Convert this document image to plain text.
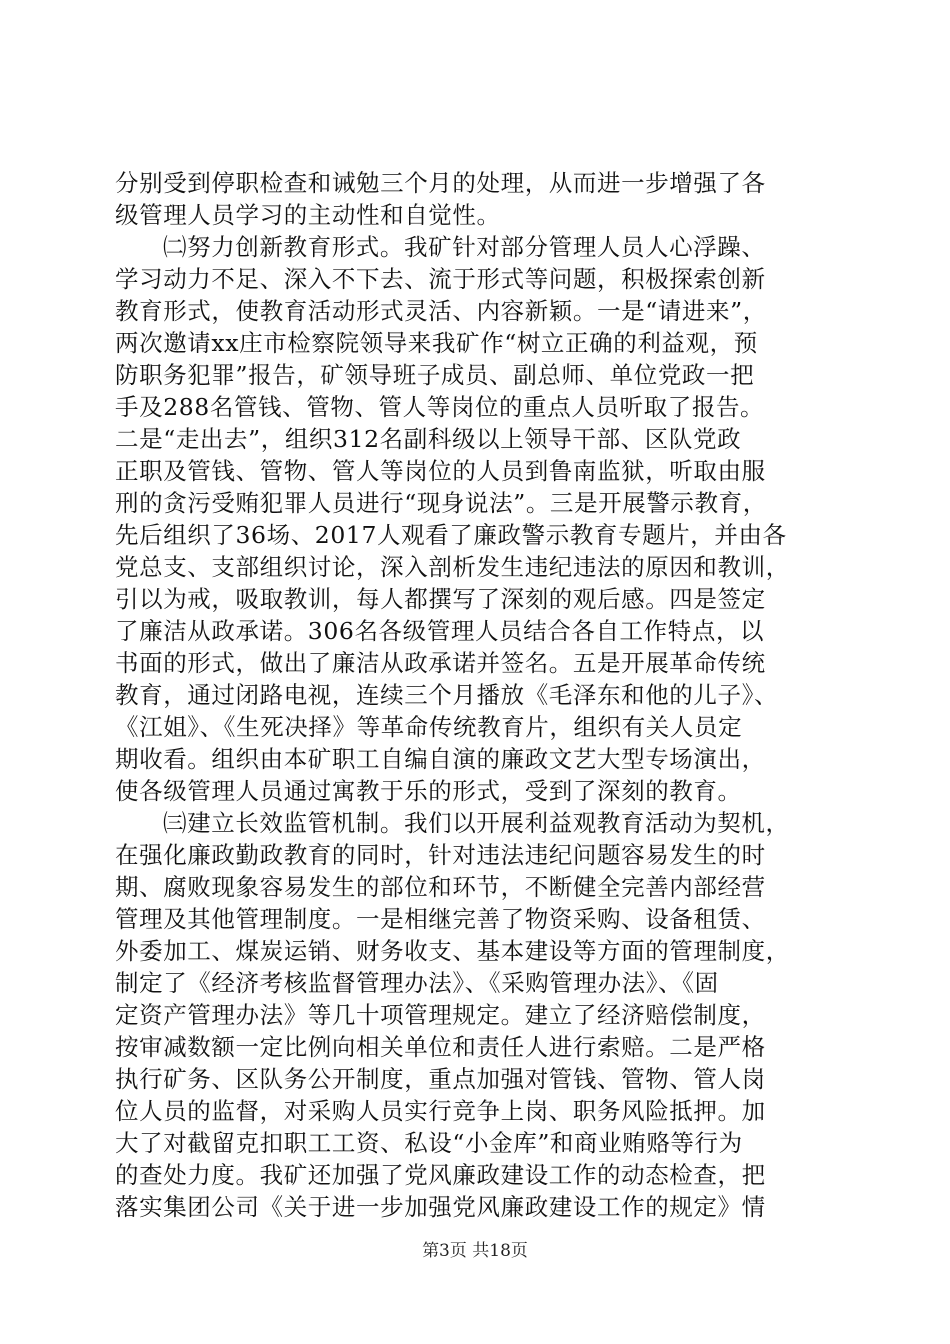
分别受到停职检查和诫勉三个月的处理，从而进一步增强了各
级管理人员学习的主动性和自觉性。
㈡努力创新教育形式。我矿针对部分管理人员人心浮躁、
学习动力不足、深入不下去、流于形式等问题，积极探索创新
教育形式，使教育活动形式灵活、内容新颖。一是“请进来”，
两次邀请xx庄市检察院领导来我矿作“树立正确的利益观，预
防职务犯罪”报告，矿领导班子成员、副总师、单位党政一把
手及288名管钱、管物、管人等岗位的重点人员听取了报告。
二是“走出去”，组织312名副科级以上领导干部、区队党政
正职及管钱、管物、管人等岗位的人员到鲁南监狱，听取由服
刑的贪污受贿犯罪人员进行“现身说法”。三是开展警示教育，
先后组织了36场、2017人观看了廉政警示教育专题片，并由各
党总支、支部组织讨论，深入剖析发生违纪违法的原因和教训，
引以为戒，吸取教训，每人都撰写了深刻的观后感。四是签定
了廉洁从政承诺。306名各级管理人员结合各自工作特点，以
书面的形式，做出了廉洁从政承诺并签名。五是开展革命传统
教育，通过闭路电视，连续三个月播放《毛泽东和他的儿子》、
《江姐》、《生死决择》等革命传统教育片，组织有关人员定
期收看。组织由本矿职工自编自演的廉政文艺大型专场演出，
使各级管理人员通过寓教于乐的形式，受到了深刻的教育。
㈢建立长效监管机制。我们以开展利益观教育活动为契机，
在强化廉政勤政教育的同时，针对违法违纪问题容易发生的时
期、腐败现象容易发生的部位和环节，不断健全完善内部经营
管理及其他管理制度。一是相继完善了物资采购、设备租赁、
外委加工、煤炭运销、财务收支、基本建设等方面的管理制度，
制定了《经济考核监督管理办法》、《采购管理办法》、《固
定资产管理办法》等几十项管理规定。建立了经济赔偿制度，
按审减数额一定比例向相关单位和责任人进行索赔。二是严格
执行矿务、区队务公开制度，重点加强对管钱、管物、管人岗
位人员的监督，对采购人员实行竞争上岗、职务风险抵押。加
大了对截留克扣职工工资、私设“小金库”和商业贿赂等行为
的查处力度。我矿还加强了党风廉政建设工作的动态检查，把
落实集团公司《关于进一步加强党风廉政建设工作的规定》情
第3页 共18页
